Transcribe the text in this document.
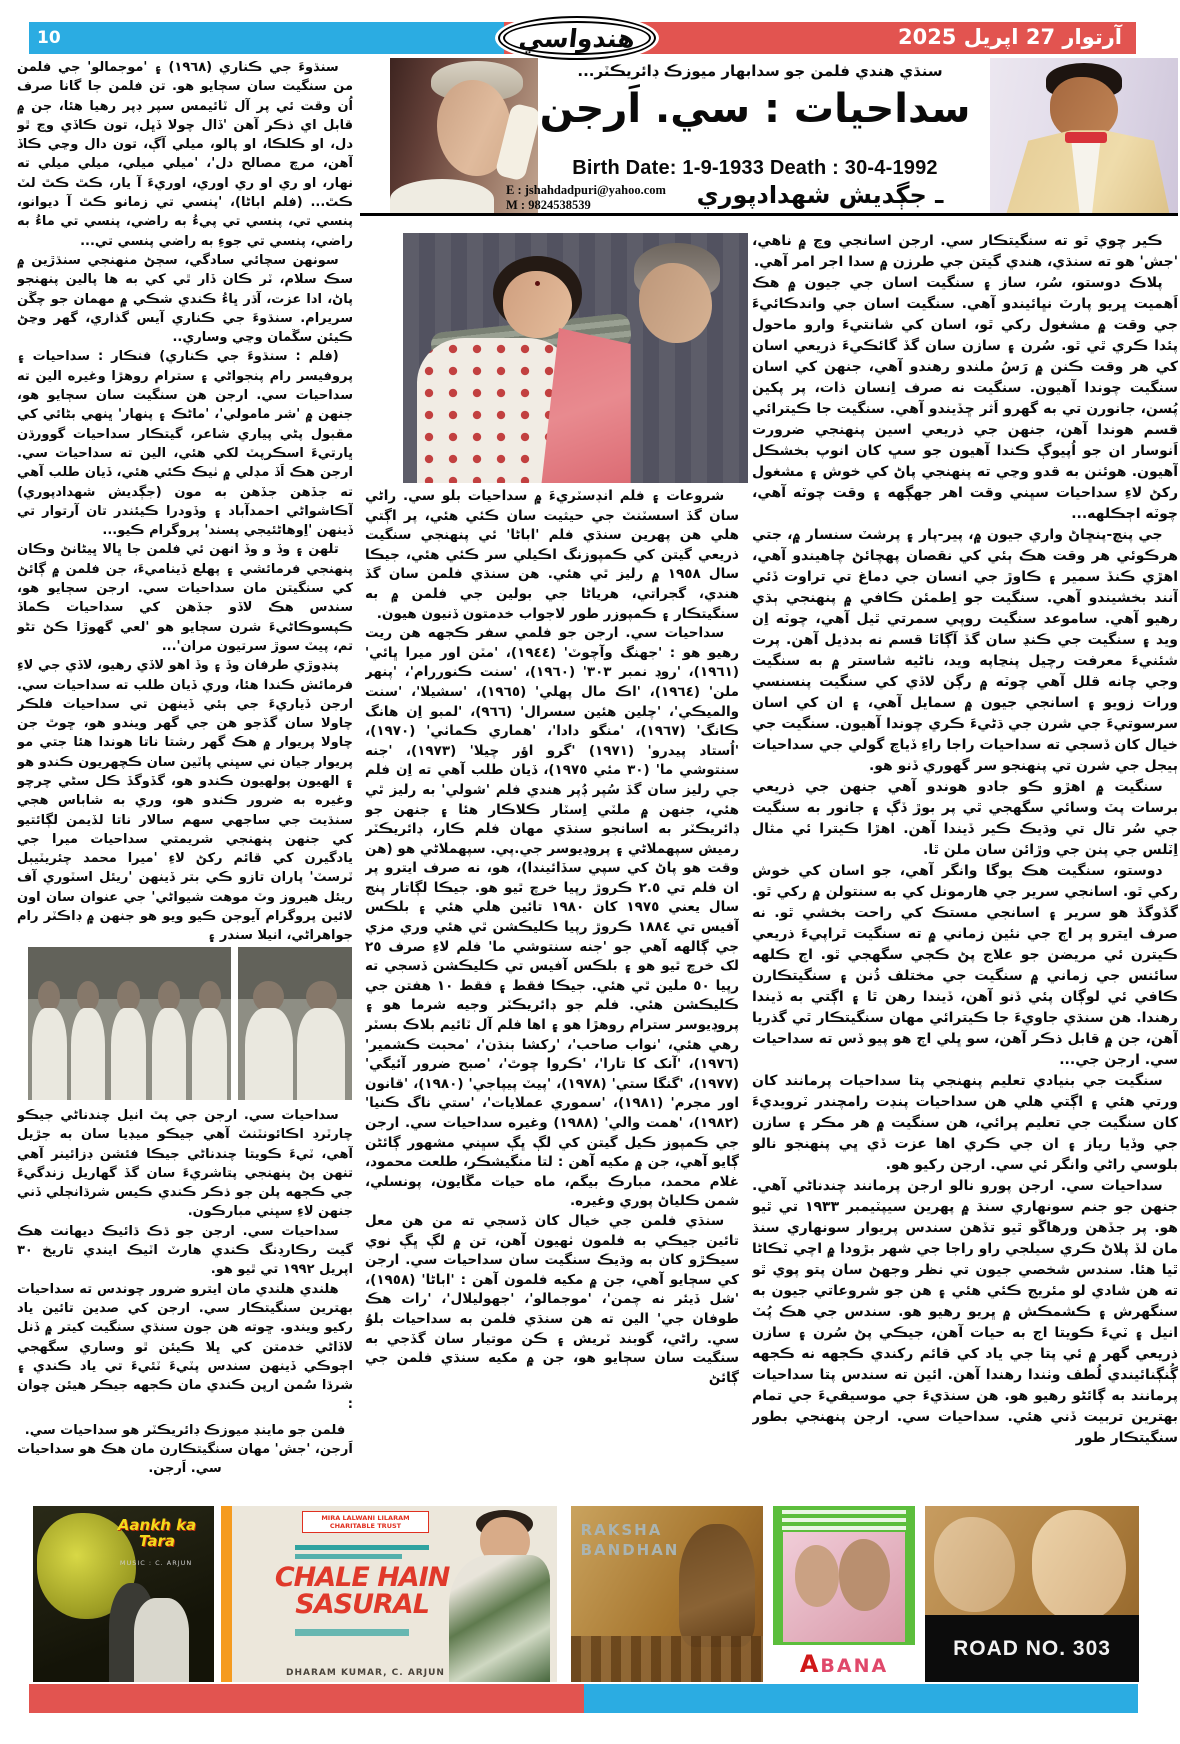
10	آرتوار 27 اپريل 2025
هندواسي
سنڌي هندي فلمن جو سدابهار ميوزڪ ڊائريڪٽر...
سداحيات : سي. اَرجن
Birth Date: 1-9-1933 Death : 30-4-1992
E : jshahdadpuri@yahoo.com
M : 9824538539	ـ جڳديش شهدادپوري

سنڌوءَ جي ڪناري (١٩٦٨) ۽ 'موجمالو' جي فلمن من سنگيت سان سڄايو هو. تن فلمن جا گانا صرف اُن وقت ئي پر آل ٽائيمس سپر ڊپر رهيا هئا، جن ۾ قابل اي ذڪر آهن 'ڏال چولا ڏڀل، تون ڪاڏي وڃ ٿو دل، او ڪلڪا، او پالو، ميلي آڳ، تون دال وڃي ڪاڏ آهن، مرچ مصالح دل'، 'ميلي ميلي، ميلي ميلي ته نهار، او ري او ري اوري، اوريءَ آ يار، ڪٿ ڪٿ لٽ ڪٿ... (فلم اباڻا)، 'پنسي تي زمانو ڪٿ آ ديوانو، پنسي تي، پنسي تي پيءُ به راضي، پنسي تي ماءُ به راضي، پنسي تي جوءِ به راضي پنسي تي...

سونهن سچائي سادگي، سڄڻ منهنجي سنڌڙين ۾ سڪ سلام، ٽر ڪان ڏار ٿي کي به ها پالين پنهنجو پاڻ، ادا عزت، آڌر ڀاءُ ڪندي شڪي ۾ مهمان جو چڱن سريرام. سنڌوءَ جي ڪناري آيس گذاري، گهر وڃڻ ڪيئن سڱمان وڃي وساري..

(فلم : سنڌوءَ جي ڪناري) فنڪار : سداحيات ۽ پروفيسر رام پنجواڻي ۽ سترام روهڙا وغيره الين ته سداحيات سي. ارجن هن سنگيت سان سڄايو هو، جنهن ۾ 'شر مامولي'، 'ماڻڪ ۽ پنهار' ڀنهي بڻائي کي مقبول پڻي پياري شاعر، گيتڪار سداحيات گوورڌن ڀارتيءَ اسڪرپٽ لکي هئي، الين ته سداحيات سي. ارجن هڪ اَڏ مڊلي ۾ ٺيڪ ڪئي هئي، ڏيان طلب آهي ته جڏهن جڏهن به مون (جڳديش شهدادپوري) آڪاشواڻي احمدآباد ۽ وڏودرا ڪيئندر تان آرتوار تي ڏينهن 'اِوهاڻئيجي پسند' پروگرام ڪيو...

تلهن ۽ وڏ و وڏ انهن ئي فلمن جا ڀالا ڀيڻانڻ وڪان پنهنجي فرمائشي ۽ پهلع ڏيناميءَ، جن فلمن ۾ ڳائڻ کي سنگيتن مان سداحيات سي. ارجن سڄايو هو، سندس هڪ لاڏو جڏهن کي سداحيات ڪماڏ ڪپسوڪاڻيءَ شرن سڄايو هو 'لعي گهوڙا ڪڻ تڻو تم، پيٽ سوڙ سرتيون مران'...

پنڊوڙي طرفان وڏ ۽ وڏ اهو لاڏي رهيو، لاڏي جي لاءِ فرمائش ڪندا هئا، وري ڏيان طلب ته سداحيات سي. ارجن ڏياريءَ جي ٻئي ڏينهن تي سداحيات فلڪر چاولا سان گڏجو هن جي گهر ويندو هو، ڇوٿ جن چاولا پريوار ۾ هڪ گهر رشتا ناتا هوندا هئا جتي مو پريوار جيان ني سڀني پاٽين سان ڪچهريون ڪندو هو ۽ الهيون پولهيون ڪندو هو، گڏوگڏ ڪل سڻي چرچو وغيره به ضرور ڪندو هو، وري به شاباس هجي سنڌيت جي ساجهي سهم سالار ناتا لڏيمن لڳائتيو کي جنهن پنهنجي شريمتي سداحيات ميرا جي يادگيرن کي قائم رکڻ لاءِ 'ميرا محمد چئريٽيبل ٽرسٽ' پاران تازو ڪي بتر ڏينهن 'ريئل اسٽوري آف ريئل هيروز وٽ موهت شيواڻي' جي عنوان سان اون لائين پروگرام آيوجن ڪيو ويو هو جنهن ۾ ڊاڪٽر رام جواهراڻي، انيلا سندر ۽

سداحيات سي. ارجن جي پٽ انيل چندناڻي جيڪو چارٽرڊ اڪائونٽنٽ آهي جيڪو ميڊيا سان به جڙيل آهي، ٽيءَ ڪويتا چندناڻي جيڪا فئشن ڊزائينر آهي تنهن پڻ پنهنجي پتاشريءَ سان گڏ گهاريل زندگيءَ جي ڪجهه پلن جو ذڪر ڪندي ڪيس شرڌانڄلي ڏني جنهن لاءِ سڀني مبارڪون.

سداحيات سي. ارجن جو ڌڪ ڌائيڪ ديهانت هڪ گيت رڪارڊنگ ڪندي هارٽ اٽيڪ ايندي تاريخ ٣٠ اپريل ١٩٩٢ تي ٿيو هو.

هلندي هلندي مان ايترو ضرور چوندس ته سداحيات بهترين سنگيتڪار سي. ارجن کي صدين تائين ياد رکيو ويندو. ڇوته هن جون سنڌي سنگيت کيتر ۾ ڏنل لاڏاڻي خدمتن کي ڀلا ڪيئن ٿو وساري سگهجي اڄوڪي ڏينهن سندس پٽيءَ ٽئيءَ تي ياد ڪندي ۽ شرڌا سُمن ارپن ڪندي مان ڪجهه جيڪر هيئن چوان :

فلمن جو ماينڊ ميوزڪ ڊائريڪٽر هو سداحيات سي. اَرجن، 'جش' مهان سنگيتڪارن مان هڪ هو سداحيات سي. اَرجن.

شروعات ۽ فلم انڊسٽريءَ ۾ سداحيات بلو سي. راڻي سان گڏ اسسٽنٽ جي حيثيت سان ڪئي هئي، پر اڳتي هلي هن پهرين سنڌي فلم 'اباڻا' ئي پنهنجي سنگيت ذريعي گيتن کي ڪمپوزنگ اڪيلي سر ڪئي هئي، جيڪا سال ١٩٥٨ ۾ رليز ٿي هئي. هن سنڌي فلمن سان گڏ هندي، گجراتي، هرياڻا جي بولين جي فلمن ۾ به سنگيتڪار ۽ ڪمپوزر طور لاجواب خدمتون ڏنيون هيون.

سداحيات سي. ارجن جو فلمي سفر ڪجهه هن ريت رهيو هو : 'جهنگ وآچوٽ' (١٩٤٤)، 'مٽن اور ميرا ڀائي' (١٩٦١)، 'روڊ نمبر ٣٠٣' (١٩٦٠)، 'سنت ڪنوررام'، 'پنهر ملن' (١٩٦٤)، 'اڪ مال پهلي' (١٩٦٥)، 'سشيلا'، 'سنت والميڪي'، 'چلين هئين سسرال' (٩٦٦)، 'لمبو اِن هانگ ڪانگ' (١٩٦٧)، 'منگو دادا'، 'هماري ڪماٺي' (١٩٧٠)، 'اُستاد پيدرو' (١٩٧١) 'گرو اؤر چيلا' (١٩٧٣)، 'جنه سنتوشي ما' (٣٠ مئي ١٩٧٥)، ڏيان طلب آهي ته اِن فلم جي رليز سان گڏ سُپر ڊُپر هندي فلم 'شولي' به رليز ٿي هئي، جنهن ۾ ملٽي اِسٽار ڪلاڪار هئا ۽ جنهن جو ڊائريڪٽر به اسانجو سنڌي مهان فلم ڪار، ڊائريڪٽر رميش سپهملاڻي ۽ پروڊيوسر جي.پي. سپهملاڻي هو (هن وقت هو پاڻ کي سپي سڏائيندا)، هو، نه صرف ايترو پر ان فلم تي ٢.٥ ڪروڙ رپيا خرچ ٿيو هو. جيڪا لڳاتار پنج سال يعني ١٩٧٥ کان ١٩٨٠ تائين هلي هئي ۽ بلڪس آفيس تي ١٨٨٤ ڪروڙ رپيا ڪليڪشن ٿي هئي وري مزي جي ڳالهه آهي جو 'جنه سنتوشي ما' فلم لاءِ صرف ٢٥ لک خرچ ٿيو هو ۽ بلڪس آفيس تي ڪليڪشن ڏسجي ته رپيا ٥٠ ملين ٿي هئي. جيڪا فقط ۽ فقط ١٠ هفتن جي ڪليڪشن هئي. فلم جو ڊائريڪٽر وجيه شرما هو ۽ پروڊيوسر سترام روهڙا هو ۽ اها فلم آل ٽائيم بلاڪ بسٽر رهي هئي، 'نواب صاحب'، 'رکشا بنڌن'، 'محبت ڪشمير' (١٩٧٦)، 'آنک کا تارا'، 'ڪروا چوٿ'، 'صبح ضرور آئيگي' (١٩٧٧)، 'گنگا ستي' (١٩٧٨)، 'پيٽ پيپاجي' (١٩٨٠)، 'قانون اور مجرم' (١٩٨١)، 'سموري عملايات'، 'ستي ناگ ڪنيا' (١٩٨٢)، 'همت والي' (١٩٨٨) وغيره سداحيات سي. ارجن جي ڪمپوز ڪيل گيتن کي لڳ ڀڳ سڀني مشهور ڳائڻن ڳايو آهي، جن ۾ مکيه آهن : لتا منگيشڪر، طلعت محمود، غلام محمد، مبارڪ بيگم، ماه حيات مڱايون، پونسلي، شمن ڪلياڻ پوري وغيره.

سنڌي فلمن جي خيال کان ڏسجي ته من هن معل تائين جيڪي به فلمون ٺهيون آهن، تن ۾ لڳ ڀڳ نوي سيڪڙو کان به وڌيڪ سنگيت سان سداحيات سي. ارجن کي سڄايو آهي، جن ۾ مکيه فلمون آهن : 'اباڻا' (١٩٥٨)، 'شل ڏيئر نه چمن'، 'موجمالو'، 'جهوليلال'، 'رات هڪ طوفان جي' الين ته هن سنڌي فلمن به سداحيات بلوُ سي. راڻي، گوبند ٽريش ۽ ڪن موتيار سان گڏجي به سنگيت سان سڄايو هو، جن ۾ مکيه سنڌي فلمن جي ڳائڻ

ڪير چوي ٿو ته سنگيتڪار سي. ارجن اسانجي وچ ۾ ناهي، 'جش' هو ته سنڌي، هندي گيتن جي طرزن ۾ سدا اجر امر آهي.

پلاڪ دوستو، سُر، ساز ۽ سنگيت اسان جي جيون ۾ هڪ اَهميت ڀريو پارٽ نڀائيندو آهي. سنگيت اسان جي واندڪائيءَ جي وقت ۾ مشغول رکي ٿو، اسان کي شانتيءَ وارو ماحول پئدا ڪري ٿي ٿو. سُرن ۽ سازن سان گڏ گائڪيءَ ذريعي اسان کي هر وقت ڪنن ۾ رَسُ ملندو رهندو آهي، جنهن کي اسان سنگيت چوندا آهيون. سنگيت نه صرف اِنسان ذات، پر پکين پُسن، جانورن تي به گهرو اَثر ڇڏيندو آهي. سنگيت جا ڪيترائي قسم هوندا آهن، جنهن جي ذريعي اسين پنهنجي ضرورت اَنوسار ان جو اُپيوڳ ڪندا آهيون جو سڀ کان انوپ بخشڪل آهيون. هوئنن به قدو وڃي ته پنهنجي پاڻ کي خوش ۽ مشغول رکڻ لاءِ سداحيات سڀني وقت اهر جهڳهه ۽ وقت چوٽه آهي، چوٽه اڄڪلهه...

جي پنچ-پنڇاڻ واري جيون ۾، پير-پار ۽ پرشٽ سنسار ۾، جتي هرڪوئي هر وقت هڪ ٻئي کي نقصان پهچائڻ چاهيندو آهي، اهڙي ڪنڏ سمير ۽ ڪاوڙ جي انسان جي دماغ تي تراوت ڏئي آنند بخشيندو آهي. سنگيت جو اِطمئن ڪافي ۾ پنهنجي ٻڌي رهيو آهي. ساموعد سنگيت روپي سمرتي ٿيل آهي، چوٽه اِن ويد ۽ سنگيت جي ڪنڍ سان گڏ آڳاٽا قسم نه بدذيل آهن. پرت شئنيءَ معرفت رچيل پنڃاپه ويد، ناڻيه شاستر ۾ به سنگيت وجي چانه قلل آهي چوٽه ۾ رڳن لاڏي کي سنگيت پنسنسي ورات زويو ۽ اسانجي جيون ۾ سمايل آهي، ۽ ان کي اسان سرسوتيءَ جي شرن جي ڌڻيءَ ڪري چوندا آهيون. سنگيت جي خيال کان ڏسجي ته سداحيات راجا راءِ ڏياچ گولي جي سداحيات ٻيجل جي شرن تي پنهنجو سر گهوري ڏنو هو.

سنگيت ۾ اهڙو ڪو جادو هوندو آهي جنهن جي ذريعي برسات پٽ وسائي سگهجي ٿي پر بوڙ ڏڳ ۽ جانور به سنگيت جي سُر تال تي وڌيڪ ڪير ڏيندا آهن. اهڙا ڪيترا ئي مثال اِٽلس جي پنن جي وڙائن سان ملن ٿا.

دوستو، سنگيت هڪ يوگا وانگر آهي، جو اسان کي خوش رکي ٿو. اسانجي سرير جي هارمونل کي به سنتولن ۾ رکي ٿو. گڏوگڏ هو سرير ۽ اسانجي مستڪ کي راحت بخشي ٿو. نه صرف ايترو پر اڄ جي نئين زماني ۾ ته سنگيت ٿراپيءَ ذريعي ڪيترن ئي مريضن جو علاج پڻ ڪجي سگهجي ٿو. اڄ ڪلهه سائنس جي زماني ۾ سنگيت جي مختلف ڌُنن ۽ سنگيتڪارن ڪافي ئي لوڳان پئي ڏنو آهن، ڏيندا رهن ٿا ۽ اڳتي به ڏيندا رهندا. هن سنڌي جاويءَ جا ڪيترائي مهان سنگيتڪار ٿي گذريا آهن، جن ۾ قابل ذڪر آهن، سو ڀلي اڄ هو پيو ڏس ته سداحيات سي. ارجن جي...

سنگيت جي بنيادي تعليم پنهنجي پتا سداحيات پرمانند کان ورتي هئي ۽ اڳتي هلي هن سداحيات پنڊت رامچندر ٽرويديءَ کان سنگيت جي تعليم پرائي، هن سنگيت ۾ هر مڪر ۽ سازن جي وڏيا رياز ۽ ان جي ڪري اها عزت ڏي ڀي پنهنجو نالو بلوسي راڻي وانگر ئي سي. ارجن رکيو هو.

سداحيات سي. ارجن پورو نالو ارجن پرمانند چندناڻي آهي. جنهن جو جنم سونهاري سنڌ ۾ پهرين سيپٽيمبر ١٩٣٣ تي ٿيو هو. پر جڏهن ورهاڱو ٿيو تڏهن سندس پريوار سونهاري سنڌ مان لڏ پلاڻ ڪري سيلجي راو راجا جي شهر بڙودا ۾ اچي ٽڪاڻا ٿيا هئا. سندس شخصي جيون تي نظر وجهڻ سان پتو پوي ٿو ته هن شادي لو مئريج ڪئي هئي ۽ هن جو شروعاتي جيون به سنگهرش ۽ ڪشمڪش ۾ ڀريو رهيو هو. سندس جي هڪ پُٽ انيل ۽ ٽيءَ ڪويتا اڄ به حيات آهن، جيڪي پڻ سُرن ۽ سازن ذريعي گهر ۾ ئي پتا جي ياد کي قائم رکندي ڪجهه نه ڪجهه ڳُنڳنائيندي لُطف وٺندا رهندا آهن. ائين ته سندس پتا سداحيات پرمانند به ڳائڻو رهيو هو. هن سنڌيءَ جي موسيقيءَ جي تمام بهترين تربيت ڏني هئي. سداحيات سي. ارجن پنهنجي بطور سنگيتڪار طور

Aankh ka
Tara
MUSIC : C. ARJUN
MIRA LALWANI LILARAM
CHARITABLE TRUST
CHALE HAIN
SASURAL
DHARAM KUMAR, C. ARJUN
RAKSHA
BANDHAN
ABANA
ROAD NO. 303
